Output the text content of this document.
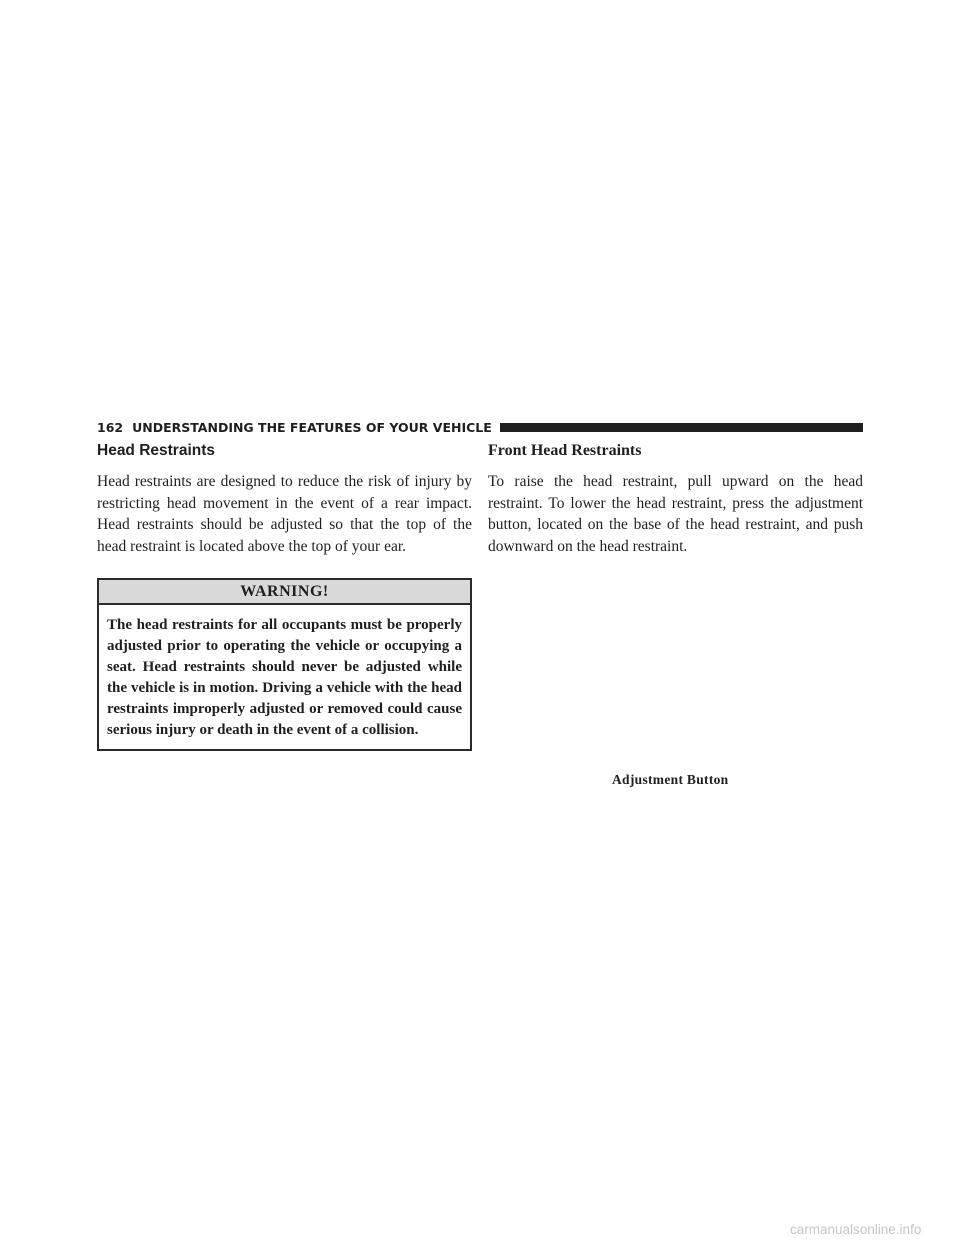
162 UNDERSTANDING THE FEATURES OF YOUR VEHICLE
Head Restraints

Head restraints are designed to reduce the risk of injury by restricting head movement in the event of a rear impact. Head restraints should be adjusted so that the top of the head restraint is located above the top of your ear.

WARNING!

The head restraints for all occupants must be properly adjusted prior to operating the vehicle or occupying a seat. Head restraints should never be adjusted while the vehicle is in motion. Driving a vehicle with the head restraints improperly adjusted or removed could cause serious injury or death in the event of a collision.

Front Head Restraints

To raise the head restraint, pull upward on the head restraint. To lower the head restraint, press the adjustment button, located on the base of the head restraint, and push downward on the head restraint.

Adjustment Button
carmanualsonline.info
